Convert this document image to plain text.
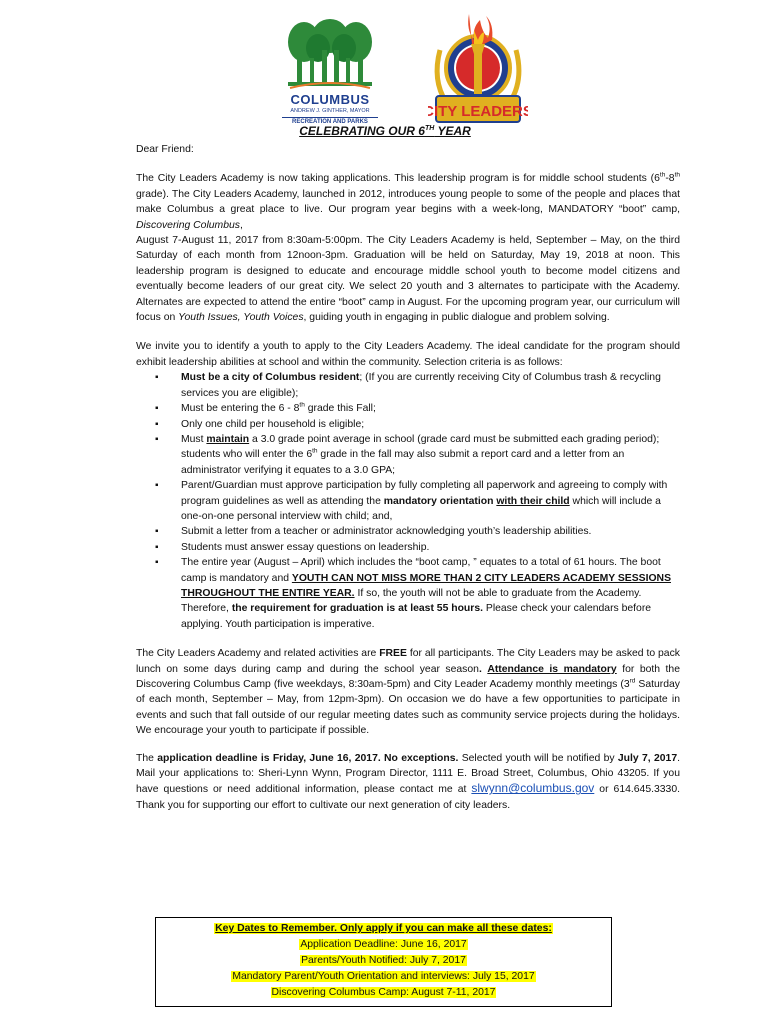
COLUMBUS
ANDREW J. GINTHER, MAYOR
RECREATION AND PARKS
CITY LEADERS
CELEBRATING OUR 6TH YEAR

Dear Friend:

The City Leaders Academy is now taking applications. This leadership program is for middle school students (6th-8th grade). The City Leaders Academy, launched in 2012, introduces young people to some of the people and places that make Columbus a great place to live. Our program year begins with a week-long, MANDATORY “boot” camp, Discovering Columbus,
August 7-August 11, 2017 from 8:30am-5:00pm. The City Leaders Academy is held, September – May, on the third Saturday of each month from 12noon-3pm. Graduation will be held on Saturday, May 19, 2018 at noon. This leadership program is designed to educate and encourage middle school youth to become model citizens and eventually become leaders of our great city. We select 20 youth and 3 alternates to participate with the Academy. Alternates are expected to attend the entire “boot” camp in August. For the upcoming program year, our curriculum will focus on Youth Issues, Youth Voices, guiding youth in engaging in public dialogue and problem solving.

We invite you to identify a youth to apply to the City Leaders Academy. The ideal candidate for the program should exhibit leadership abilities at school and within the community. Selection criteria is as follows:

▪ Must be a city of Columbus resident; (If you are currently receiving City of Columbus trash & recycling services you are eligible);
▪ Must be entering the 6 - 8th grade this Fall;
▪ Only one child per household is eligible;
▪ Must maintain a 3.0 grade point average in school (grade card must be submitted each grading period); students who will enter the 6th grade in the fall may also submit a report card and a letter from an administrator verifying it equates to a 3.0 GPA;
▪ Parent/Guardian must approve participation by fully completing all paperwork and agreeing to comply with program guidelines as well as attending the mandatory orientation with their child which will include a one-on-one personal interview with child; and,
▪ Submit a letter from a teacher or administrator acknowledging youth’s leadership abilities.
▪ Students must answer essay questions on leadership.
▪ The entire year (August – April) which includes the “boot camp, ” equates to a total of 61 hours. The boot camp is mandatory and YOUTH CAN NOT MISS MORE THAN 2 CITY LEADERS ACADEMY SESSIONS THROUGHOUT THE ENTIRE YEAR. If so, the youth will not be able to graduate from the Academy. Therefore, the requirement for graduation is at least 55 hours. Please check your calendars before applying. Youth participation is imperative.

The City Leaders Academy and related activities are FREE for all participants. The City Leaders may be asked to pack lunch on some days during camp and during the school year season. Attendance is mandatory for both the Discovering Columbus Camp (five weekdays, 8:30am-5pm) and City Leader Academy monthly meetings (3rd Saturday of each month, September – May, from 12pm-3pm). On occasion we do have a few opportunities to participate in events and such that fall outside of our regular meeting dates such as community service projects during the holidays. We encourage your youth to participate if possible.

The application deadline is Friday, June 16, 2017. No exceptions. Selected youth will be notified by July 7, 2017. Mail your applications to: Sheri-Lynn Wynn, Program Director, 1111 E. Broad Street, Columbus, Ohio 43205. If you have questions or need additional information, please contact me at slwynn@columbus.gov or 614.645.3330. Thank you for supporting our effort to cultivate our next generation of city leaders.

Key Dates to Remember. Only apply if you can make all these dates:
Application Deadline: June 16, 2017
Parents/Youth Notified: July 7, 2017
Mandatory Parent/Youth Orientation and interviews: July 15, 2017
Discovering Columbus Camp: August 7-11, 2017
